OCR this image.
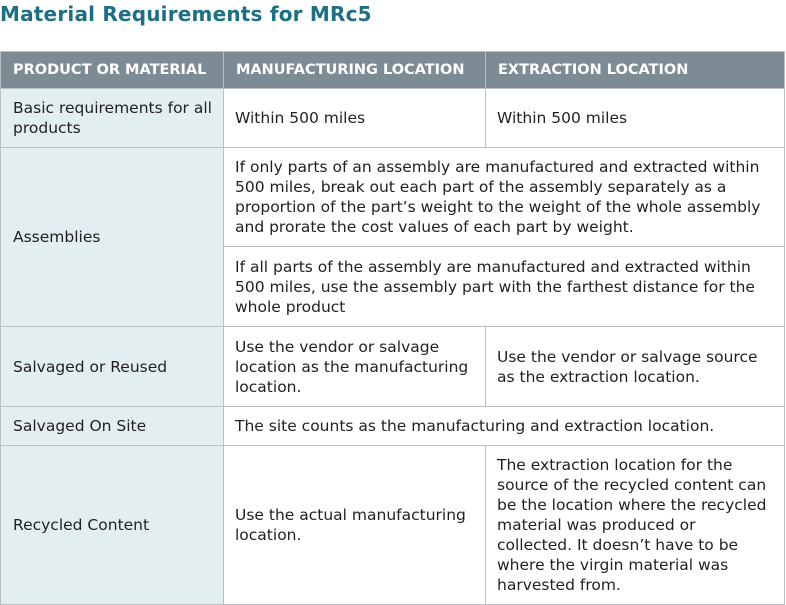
Material Requirements for MRc5
PRODUCT OR MATERIAL	MANUFACTURING LOCATION	EXTRACTION LOCATION
Basic requirements for all products	Within 500 miles	Within 500 miles
Assemblies	If only parts of an assembly are manufactured and extracted within 500 miles, break out each part of the assembly separately as a proportion of the part’s weight to the weight of the whole assembly and prorate the cost values of each part by weight.	
	If all parts of the assembly are manufactured and extracted within 500 miles, use the assembly part with the farthest distance for the whole product	
Salvaged or Reused	Use the vendor or salvage location as the manufacturing location.	Use the vendor or salvage source as the extraction location.
Salvaged On Site	The site counts as the manufacturing and extraction location.	
Recycled Content	Use the actual manufacturing location.	The extraction location for the source of the recycled content can be the location where the recycled material was produced or collected. It doesn’t have to be where the virgin material was harvested from.
